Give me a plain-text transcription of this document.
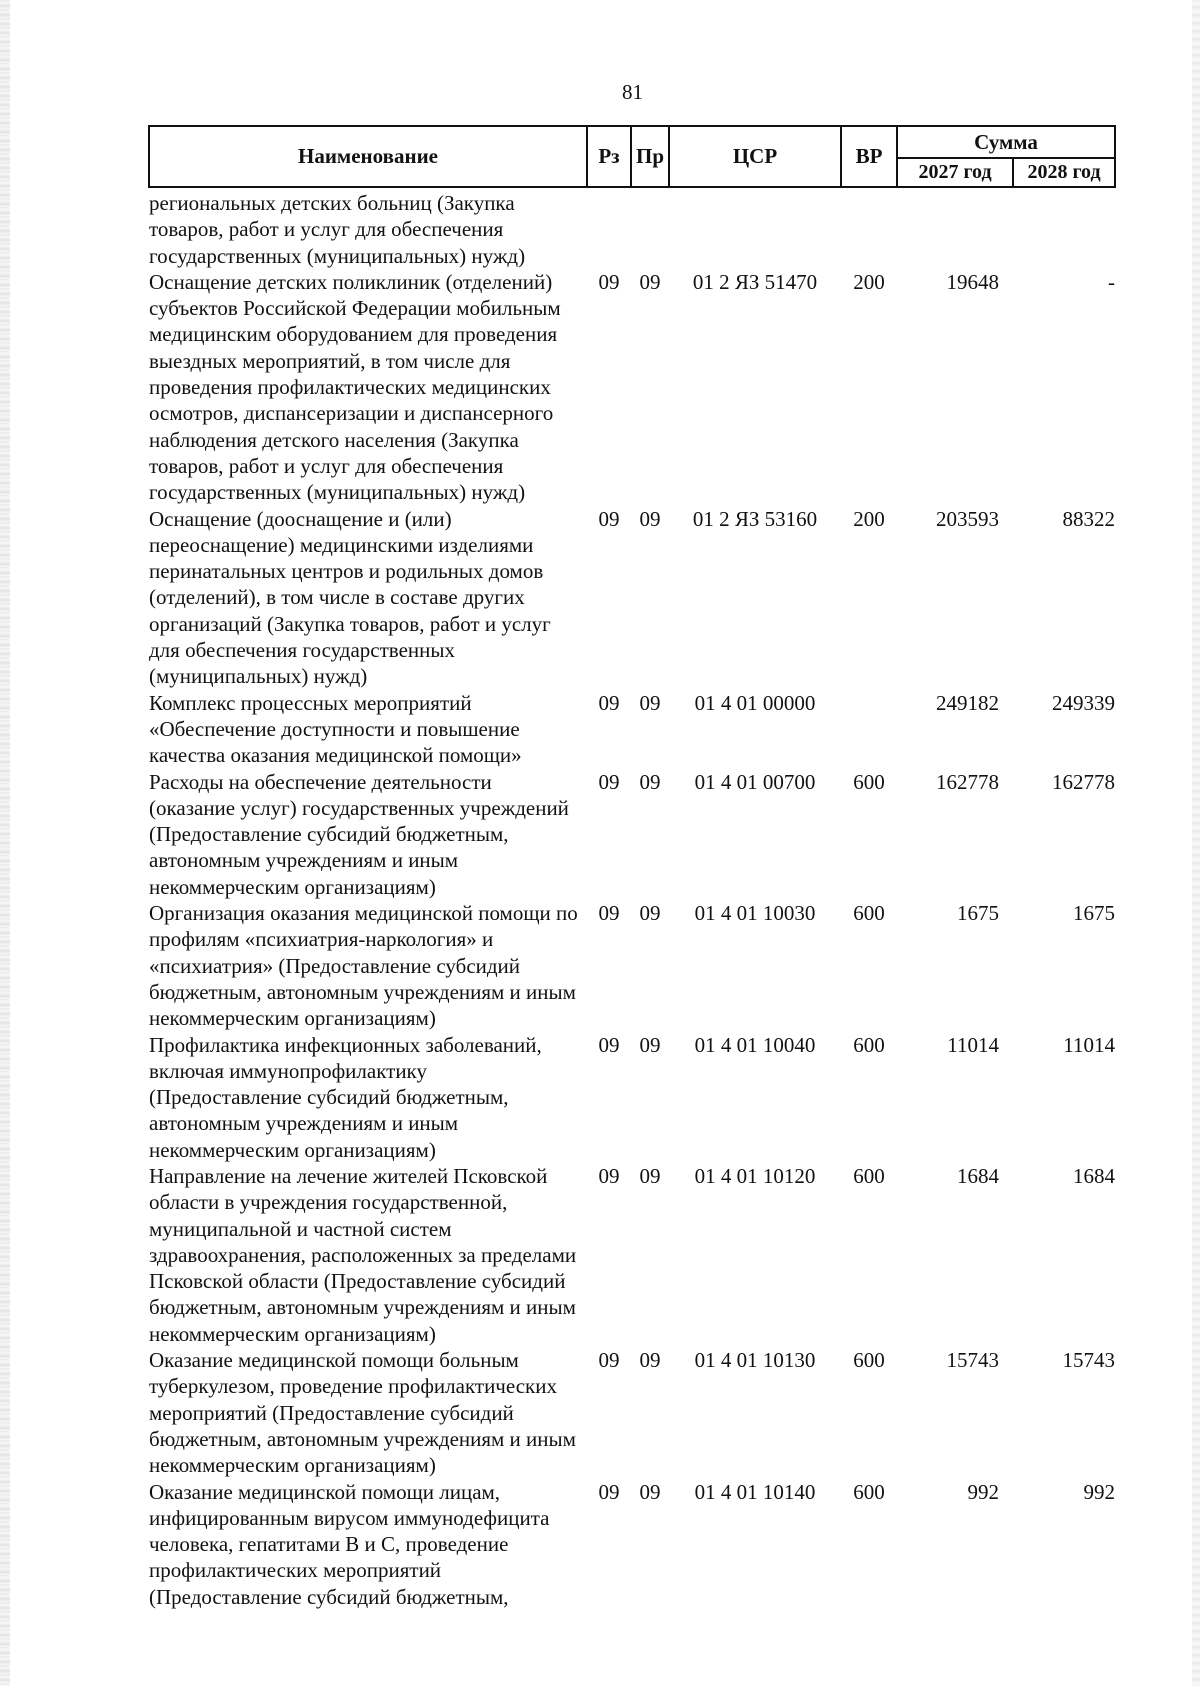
81
Наименование	Рз	Пр	ЦСР	ВР	Сумма	
					2027 год	2028 год
региональных детских больниц (Закупка товаров, работ и услуг для обеспечения государственных (муниципальных) нужд)						
Оснащение детских поликлиник (отделений) субъектов Российской Федерации мобильным медицинским оборудованием для проведения выездных мероприятий, в том числе для проведения профилактических медицинских осмотров, диспансеризации и диспансерного наблюдения детского населения (Закупка товаров, работ и услуг для обеспечения государственных (муниципальных) нужд)	09	09	01 2 ЯЗ 51470	200	19648	-
Оснащение (дооснащение и (или) переоснащение) медицинскими изделиями перинатальных центров и родильных домов (отделений), в том числе в составе других организаций (Закупка товаров, работ и услуг для обеспечения государственных (муниципальных) нужд)	09	09	01 2 ЯЗ 53160	200	203593	88322
Комплекс процессных мероприятий «Обеспечение доступности и повышение качества оказания медицинской помощи»	09	09	01 4 01 00000		249182	249339
Расходы на обеспечение деятельности (оказание услуг) государственных учреждений (Предоставление субсидий бюджетным, автономным учреждениям и иным некоммерческим организациям)	09	09	01 4 01 00700	600	162778	162778
Организация оказания медицинской помощи по профилям «психиатрия-наркология» и «психиатрия» (Предоставление субсидий бюджетным, автономным учреждениям и иным некоммерческим организациям)	09	09	01 4 01 10030	600	1675	1675
Профилактика инфекционных заболеваний, включая иммунопрофилактику (Предоставление субсидий бюджетным, автономным учреждениям и иным некоммерческим организациям)	09	09	01 4 01 10040	600	11014	11014
Направление на лечение жителей Псковской области в учреждения государственной, муниципальной и частной систем здравоохранения, расположенных за пределами Псковской области (Предоставление субсидий бюджетным, автономным учреждениям и иным некоммерческим организациям)	09	09	01 4 01 10120	600	1684	1684
Оказание медицинской помощи больным туберкулезом, проведение профилактических мероприятий (Предоставление субсидий бюджетным, автономным учреждениям и иным некоммерческим организациям)	09	09	01 4 01 10130	600	15743	15743
Оказание медицинской помощи лицам, инфицированным вирусом иммунодефицита человека, гепатитами В и С, проведение профилактических мероприятий (Предоставление субсидий бюджетным,	09	09	01 4 01 10140	600	992	992
